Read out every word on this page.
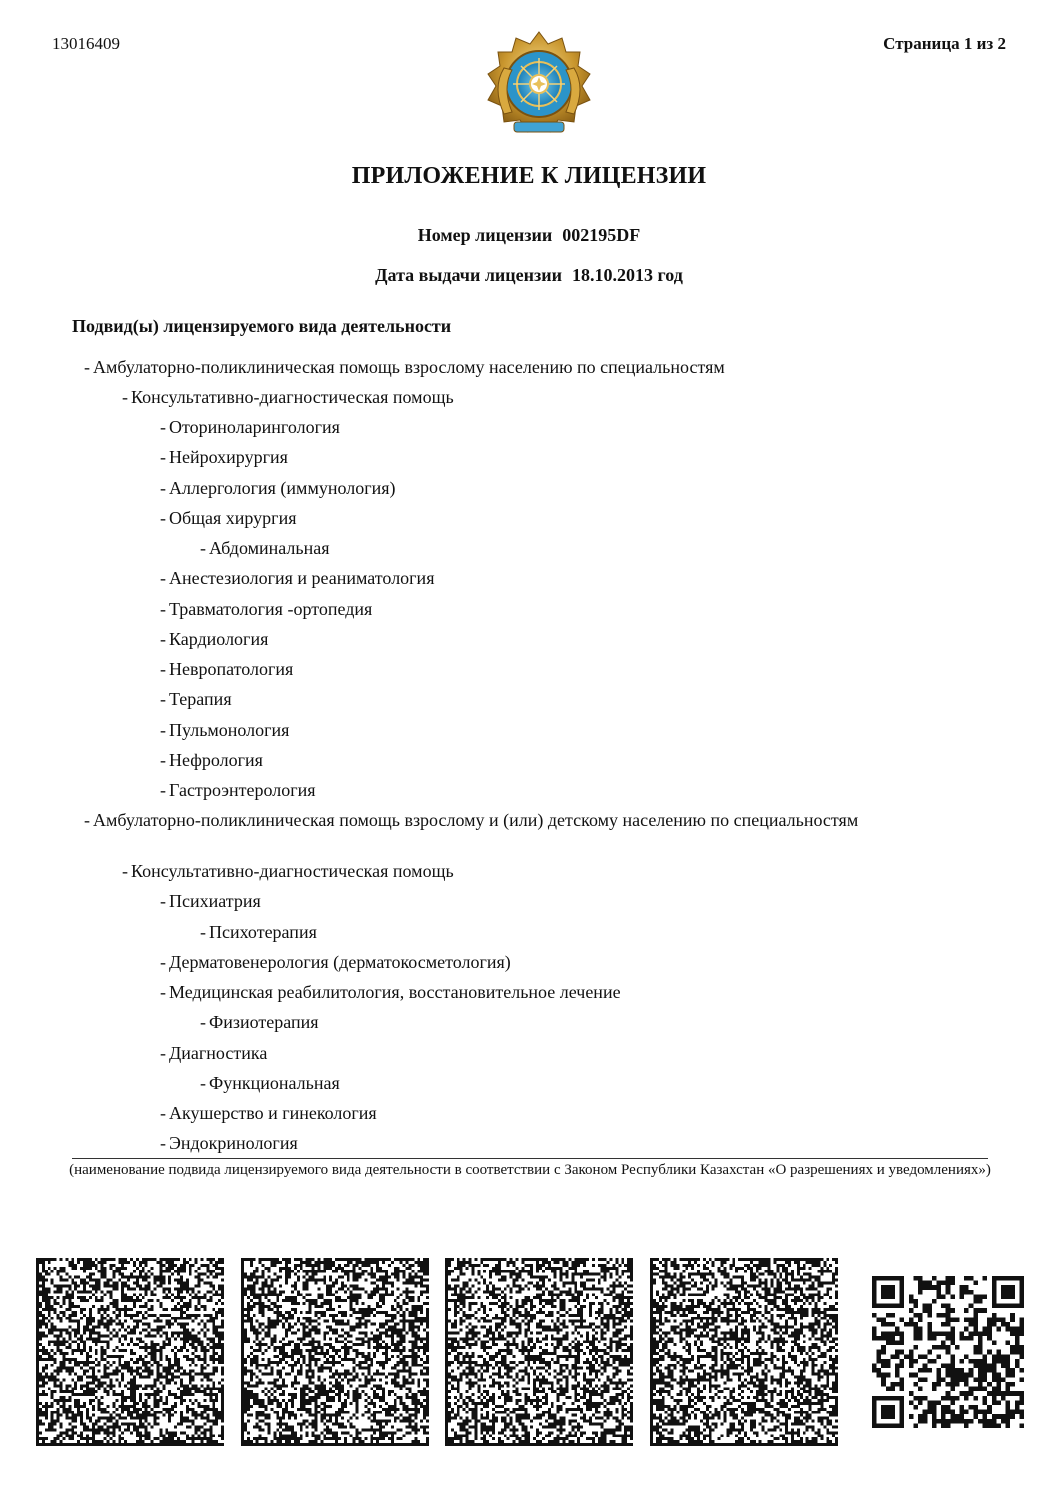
13016409	Страница 1 из 2
ПРИЛОЖЕНИЕ К ЛИЦЕНЗИИ
Номер лицензии 002195DF
Дата выдачи лицензии 18.10.2013 год
Подвид(ы) лицензируемого вида деятельности
- Амбулаторно-поликлиническая помощь взрослому населению по специальностям
- Консультативно-диагностическая помощь
- Оториноларингология
- Нейрохирургия
- Аллергология (иммунология)
- Общая хирургия
- Абдоминальная
- Анестезиология и реаниматология
- Травматология -ортопедия
- Кардиология
- Невропатология
- Терапия
- Пульмонология
- Нефрология
- Гастроэнтерология
- Амбулаторно-поликлиническая помощь взрослому и (или) детскому населению по специальностям
- Консультативно-диагностическая помощь
- Психиатрия
- Психотерапия
- Дерматовенерология (дерматокосметология)
- Медицинская реабилитология, восстановительное лечение
- Физиотерапия
- Диагностика
- Функциональная
- Акушерство и гинекология
- Эндокринология
(наименование подвида лицензируемого вида деятельности в соответствии с Законом Республики Казахстан «О разрешениях и уведомлениях»)
